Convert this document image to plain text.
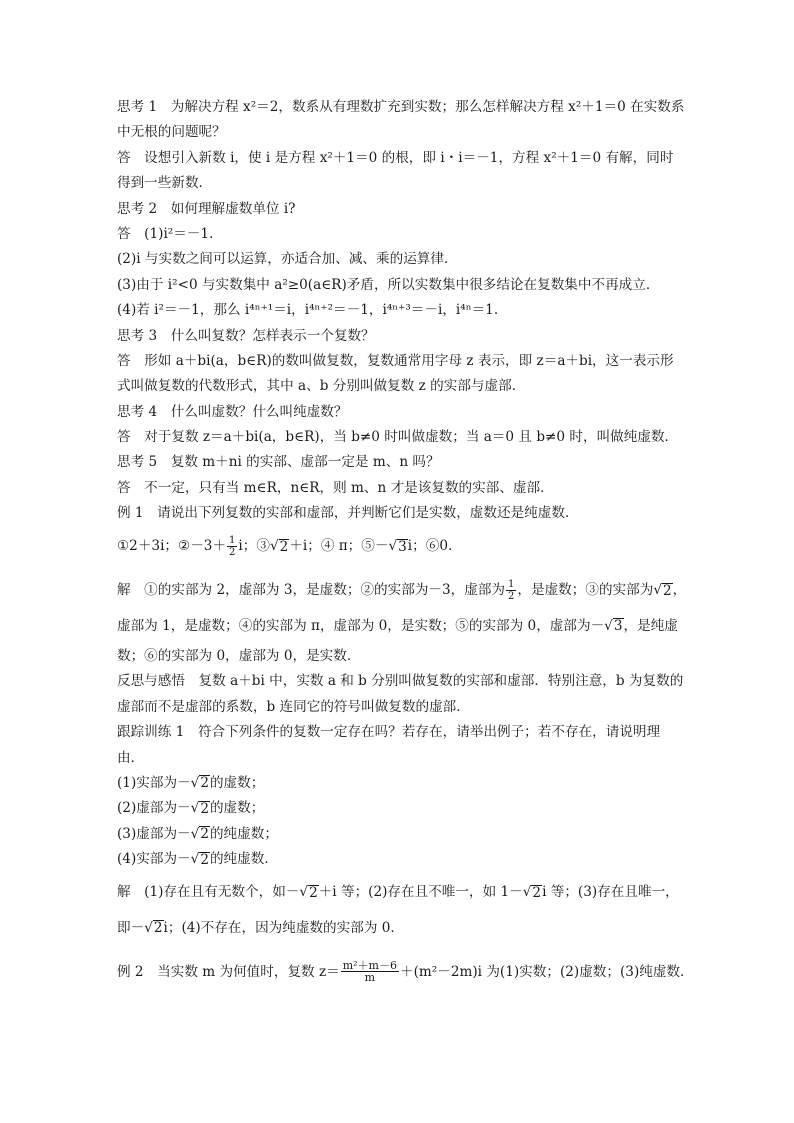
思考 1　为解决方程 x²＝2，数系从有理数扩充到实数；那么怎样解决方程 x²＋1＝0 在实数系
中无根的问题呢？
答　设想引入新数 i，使 i 是方程 x²＋1＝0 的根，即 i・i＝－1，方程 x²＋1＝0 有解，同时
得到一些新数．
思考 2　如何理解虚数单位 i?
答　(1)i²＝－1.
(2)i 与实数之间可以运算，亦适合加、减、乘的运算律．
(3)由于 i²<0 与实数集中 a²≥0(a∈R)矛盾，所以实数集中很多结论在复数集中不再成立．
(4)若 i²＝－1，那么 i⁴ⁿ⁺¹＝i，i⁴ⁿ⁺²＝－1，i⁴ⁿ⁺³＝－i，i⁴ⁿ＝1.
思考 3　什么叫复数？怎样表示一个复数？
答　形如 a＋bi(a，b∈R)的数叫做复数，复数通常用字母 z 表示，即 z＝a＋bi，这一表示形
式叫做复数的代数形式，其中 a、b 分别叫做复数 z 的实部与虚部．
思考 4　什么叫虚数？什么叫纯虚数？
答　对于复数 z＝a＋bi(a，b∈R)，当 b≠0 时叫做虚数；当 a＝0 且 b≠0 时，叫做纯虚数．
思考 5　复数 m＋ni 的实部、虚部一定是 m、n 吗？
答　不一定，只有当 m∈R，n∈R，则 m、n 才是该复数的实部、虚部．
例 1　请说出下列复数的实部和虚部，并判断它们是实数，虚数还是纯虚数．
①2＋3i；②－3＋ $\frac{1}{2}$ i；③ √ 2 ＋i；④ π；⑤－ √ 3 i；⑥0.
解　①的实部为 2，虚部为 3，是虚数；②的实部为－3，虚部为 $\frac{1}{2}$ ，是虚数；③的实部为 √ 2 ，
虚部为 1，是虚数；④的实部为 π，虚部为 0，是实数；⑤的实部为 0，虚部为－ √ 3 ，是纯虚
数；⑥的实部为 0，虚部为 0，是实数．
反思与感悟　复数 a＋bi 中，实数 a 和 b 分别叫做复数的实部和虚部．特别注意，b 为复数的
虚部而不是虚部的系数，b 连同它的符号叫做复数的虚部．
跟踪训练 1　符合下列条件的复数一定存在吗？若存在，请举出例子；若不存在，请说明理
由．
(1)实部为－ √ 2 的虚数；
(2)虚部为－ √ 2 的虚数；
(3)虚部为－ √ 2 的纯虚数；
(4)实部为－ √ 2 的纯虚数．
解　(1)存在且有无数个，如－ √ 2 ＋i 等；(2)存在且不唯一，如 1－ √ 2 i 等；(3)存在且唯一，
即－ √ 2 i；(4)不存在，因为纯虚数的实部为 0.
例 2　当实数 m 为何值时，复数 $z= \frac{\text{m²＋m－6}}{m} +(m^2-2m)i$ 为(1)实数；(2)虚数；(3)纯虚数．
